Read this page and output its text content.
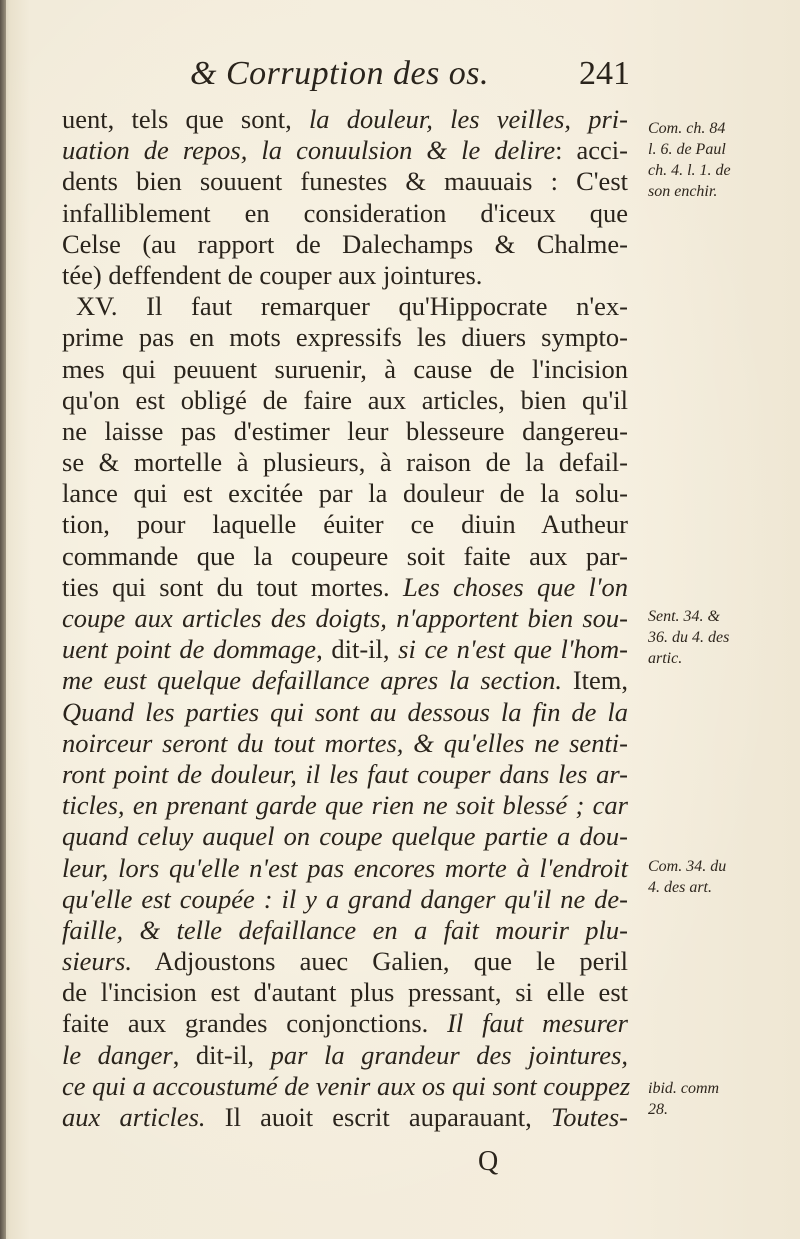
& Corruption des os.	241
uent, tels que sont, la douleur, les veilles, pri-
uation de repos, la conuulsion & le delire: acci-
dents bien souuent funestes & mauuais : C'est
infalliblement en consideration d'iceux que
Celse (au rapport de Dalechamps & Chalme-
tée) deffendent de couper aux jointures.
XV. Il faut remarquer qu'Hippocrate n'ex-
prime pas en mots expressifs les diuers sympto-
mes qui peuuent suruenir, à cause de l'incision
qu'on est obligé de faire aux articles, bien qu'il
ne laisse pas d'estimer leur blesseure dangereu-
se & mortelle à plusieurs, à raison de la defail-
lance qui est excitée par la douleur de la solu-
tion, pour laquelle éuiter ce diuin Autheur
commande que la coupeure soit faite aux par-
ties qui sont du tout mortes. Les choses que l'on
coupe aux articles des doigts, n'apportent bien sou-
uent point de dommage, dit-il, si ce n'est que l'hom-
me eust quelque defaillance apres la section. Item,
Quand les parties qui sont au dessous la fin de la
noirceur seront du tout mortes, & qu'elles ne senti-
ront point de douleur, il les faut couper dans les ar-
ticles, en prenant garde que rien ne soit blessé ; car
quand celuy auquel on coupe quelque partie a dou-
leur, lors qu'elle n'est pas encores morte à l'endroit
qu'elle est coupée : il y a grand danger qu'il ne de-
faille, & telle defaillance en a fait mourir plu-
sieurs. Adjoustons auec Galien, que le peril
de l'incision est d'autant plus pressant, si elle est
faite aux grandes conjonctions. Il faut mesurer
le danger, dit-il, par la grandeur des jointures,
ce qui a accoustumé de venir aux os qui sont couppez
aux articles. Il auoit escrit auparauant, Toutes-
Com. ch. 84
l. 6. de Paul
ch. 4. l. 1. de
son enchir.
Sent. 34. &
36. du 4. des
artic.
Com. 34. du
4. des art.
ibid. comm
28.
Q
